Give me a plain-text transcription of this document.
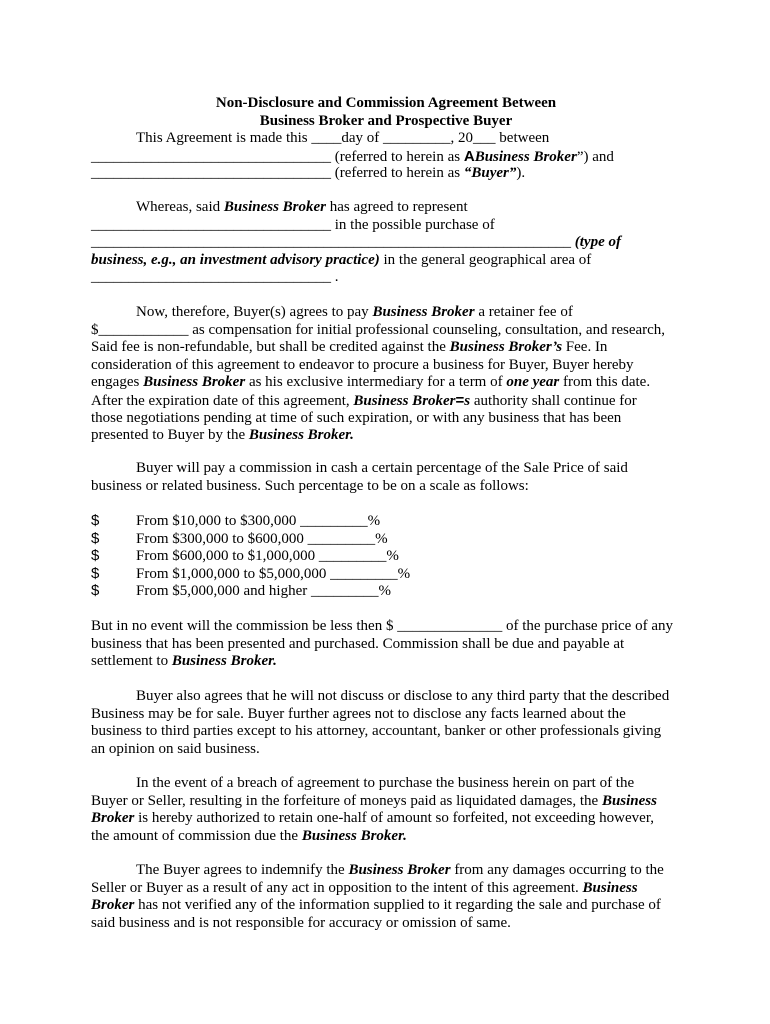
Non-Disclosure and Commission Agreement Between
Business Broker and Prospective Buyer
This Agreement is made this ____day of _________, 20___ between
________________________________ (referred to herein as ABusiness Broker”) and
________________________________ (referred to herein as “Buyer”).
Whereas, said Business Broker has agreed to represent
________________________________ in the possible purchase of
________________________________________________________________ (type of
business, e.g., an investment advisory practice) in the general geographical area of
________________________________ .
Now, therefore, Buyer(s) agrees to pay Business Broker a retainer fee of
$____________ as compensation for initial professional counseling, consultation, and research,
Said fee is non-refundable, but shall be credited against the Business Broker’s Fee. In
consideration of this agreement to endeavor to procure a business for Buyer, Buyer hereby
engages Business Broker as his exclusive intermediary for a term of one year from this date.
After the expiration date of this agreement, Business Broker=s authority shall continue for
those negotiations pending at time of such expiration, or with any business that has been
presented to Buyer by the Business Broker.
Buyer will pay a commission in cash a certain percentage of the Sale Price of said
business or related business. Such percentage to be on a scale as follows:
$ From $10,000 to $300,000 _________%
$ From $300,000 to $600,000 _________%
$ From $600,000 to $1,000,000 _________%
$ From $1,000,000 to $5,000,000 _________%
$ From $5,000,000 and higher _________%
But in no event will the commission be less then $ ______________ of the purchase price of any
business that has been presented and purchased. Commission shall be due and payable at
settlement to Business Broker.
Buyer also agrees that he will not discuss or disclose to any third party that the described
Business may be for sale. Buyer further agrees not to disclose any facts learned about the
business to third parties except to his attorney, accountant, banker or other professionals giving
an opinion on said business.
In the event of a breach of agreement to purchase the business herein on part of the
Buyer or Seller, resulting in the forfeiture of moneys paid as liquidated damages, the Business
Broker is hereby authorized to retain one-half of amount so forfeited, not exceeding however,
the amount of commission due the Business Broker.
The Buyer agrees to indemnify the Business Broker from any damages occurring to the
Seller or Buyer as a result of any act in opposition to the intent of this agreement. Business
Broker has not verified any of the information supplied to it regarding the sale and purchase of
said business and is not responsible for accuracy or omission of same.
